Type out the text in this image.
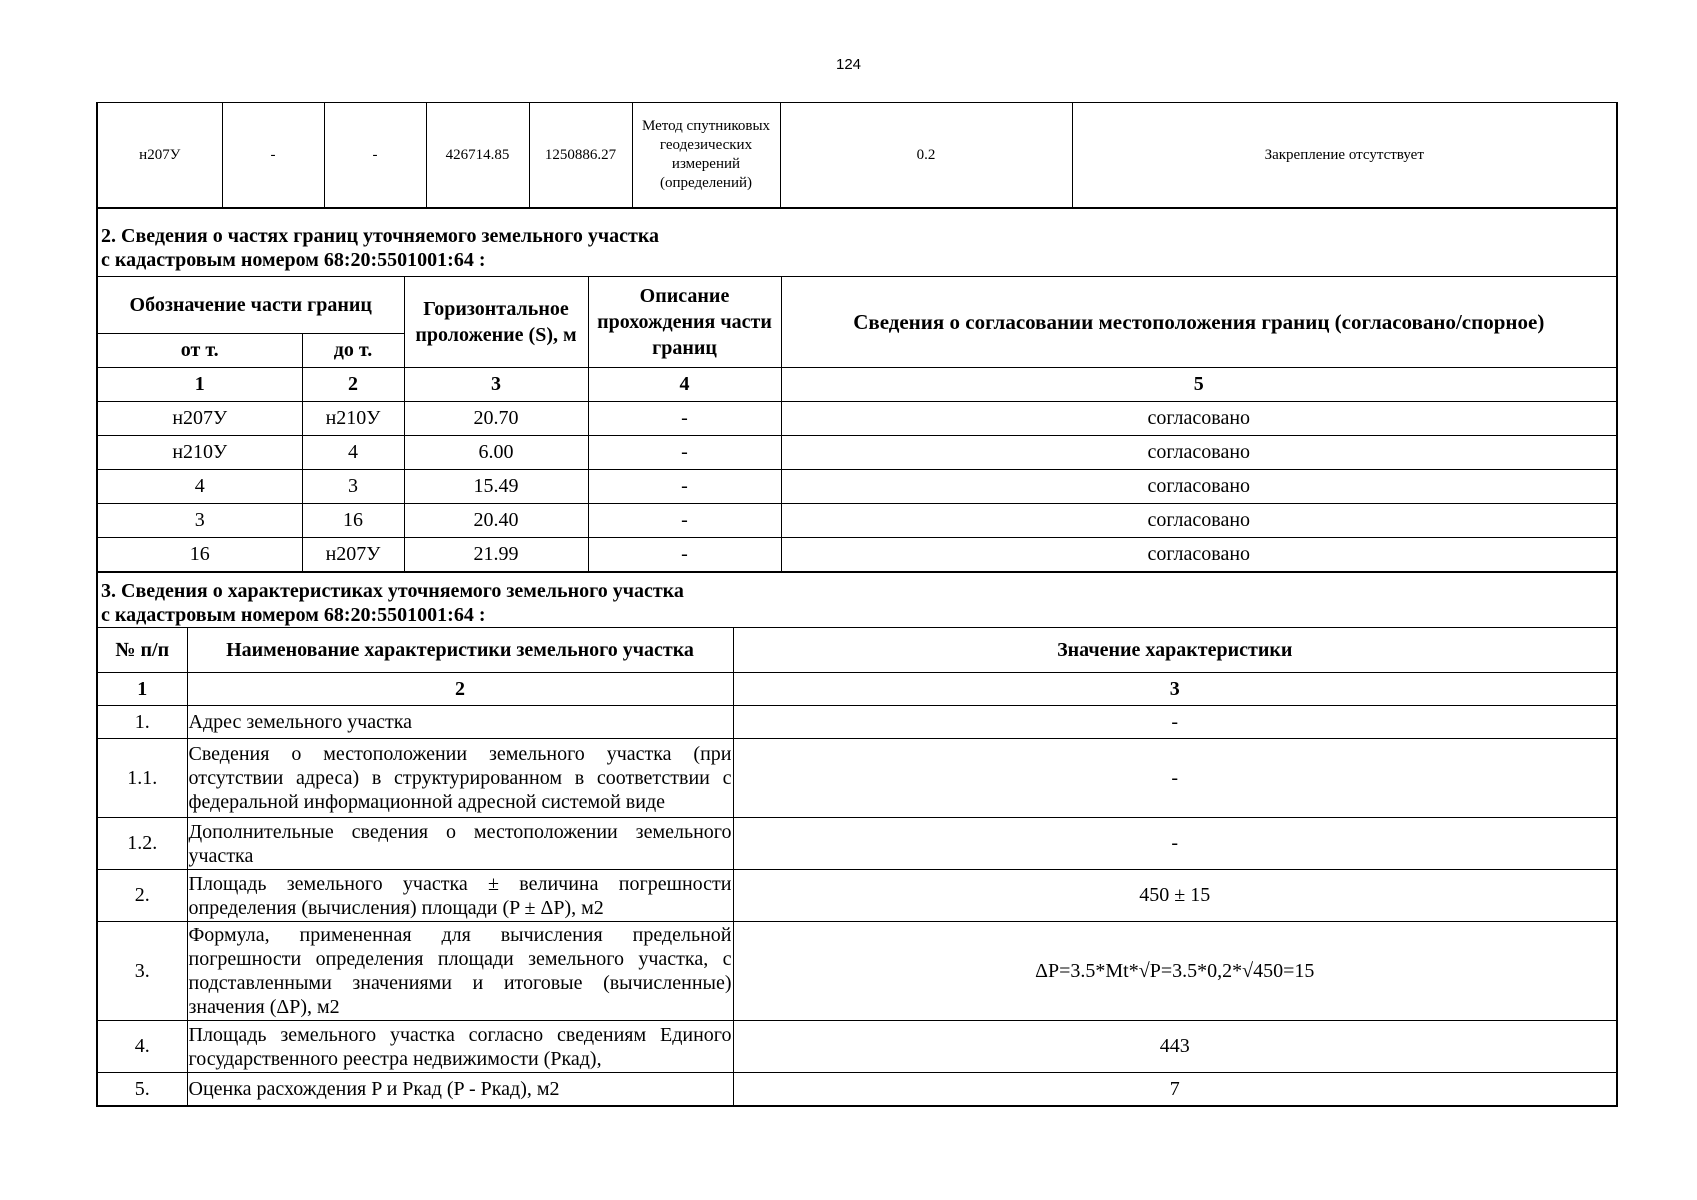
124
н207У	-	-	426714.85	1250886.27	Метод спутниковых геодезических измерений (определений)	0.2	Закрепление отсутствует
2. Сведения о частях границ уточняемого земельного участка
с кадастровым номером 68:20:5501001:64 :				

Обозначение части границ		Горизонтальное проложение (S), м	Описание прохождения части границ	Сведения о согласовании местоположения границ (согласовано/спорное)
от т.	до т.			
1	2	3	4	5
н207У	н210У	20.70	-	согласовано
н210У	4	6.00	-	согласовано
4	3	15.49	-	согласовано
3	16	20.40	-	согласовано
16	н207У	21.99	-	согласовано
3. Сведения о характеристиках уточняемого земельного участка
с кадастровым номером 68:20:5501001:64 :		

№ п/п	Наименование характеристики земельного участка	Значение характеристики
1	2	3
1.	Адрес земельного участка	-
1.1.	Сведения о местоположении земельного участка (при отсутствии адреса) в структурированном в соответствии с федеральной информационной адресной системой виде	-
1.2.	Дополнительные сведения о местоположении земельного участка	-
2.	Площадь земельного участка ± величина погрешности определения (вычисления) площади (P ± ΔP), м2	450 ± 15
3.	Формула, примененная для вычисления предельной погрешности определения площади земельного участка, с подставленными значениями и итоговые (вычисленные) значения (ΔP), м2	ΔP=3.5*Mt*√P=3.5*0,2*√450=15
4.	Площадь земельного участка согласно сведениям Единого государственного реестра недвижимости (Ркад),	443
5.	Оценка расхождения P и Ркад (P - Ркад), м2	7
